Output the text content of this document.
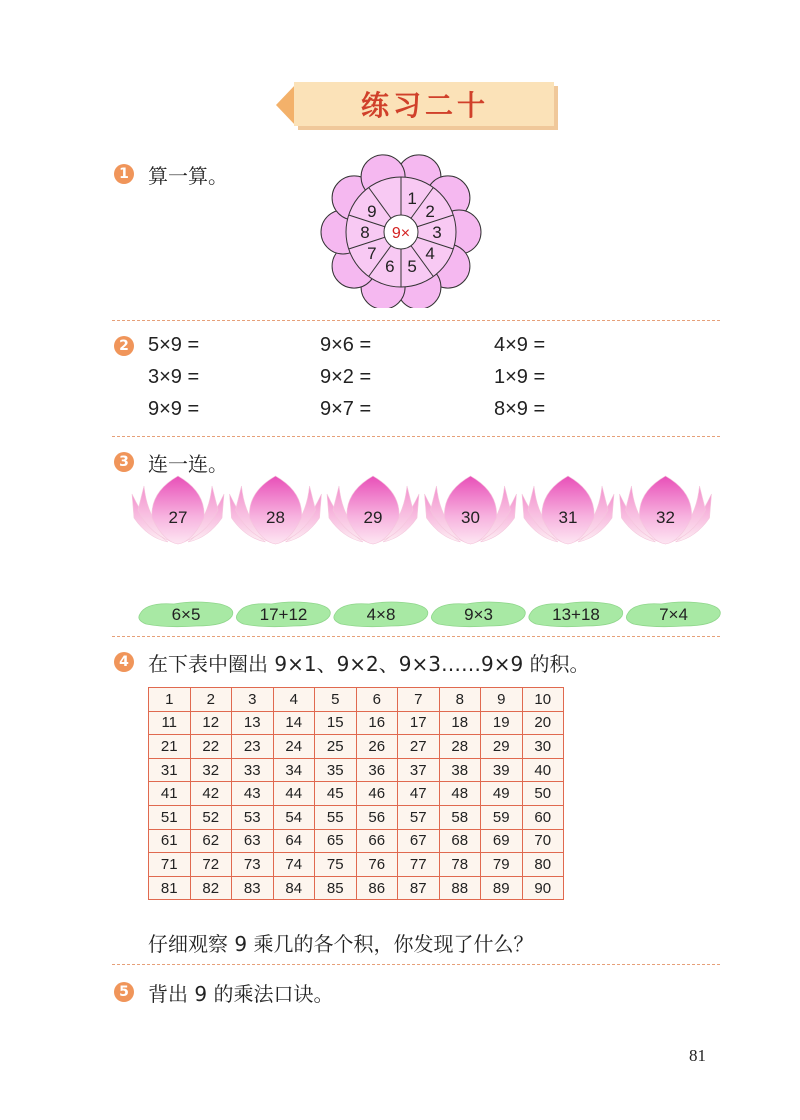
练习二十
1 算一算。
9×
1
2
3
4
5
6
7
8
9
2 5×9 =	9×6 =	4×9 =
3×9 =	9×2 =	1×9 =
9×9 =	9×7 =	8×9 =
3 连一连。
27	28	29	30	31	32
6×5	17+12	4×8	9×3	13+18	7×4
4 在下表中圈出 9×1、9×2、9×3……9×9 的积。
1	2	3	4	5	6	7	8	9	10
11	12	13	14	15	16	17	18	19	20
21	22	23	24	25	26	27	28	29	30
31	32	33	34	35	36	37	38	39	40
41	42	43	44	45	46	47	48	49	50
51	52	53	54	55	56	57	58	59	60
61	62	63	64	65	66	67	68	69	70
71	72	73	74	75	76	77	78	79	80
81	82	83	84	85	86	87	88	89	90
仔细观察 9 乘几的各个积，你发现了什么？
5 背出 9 的乘法口诀。
81
